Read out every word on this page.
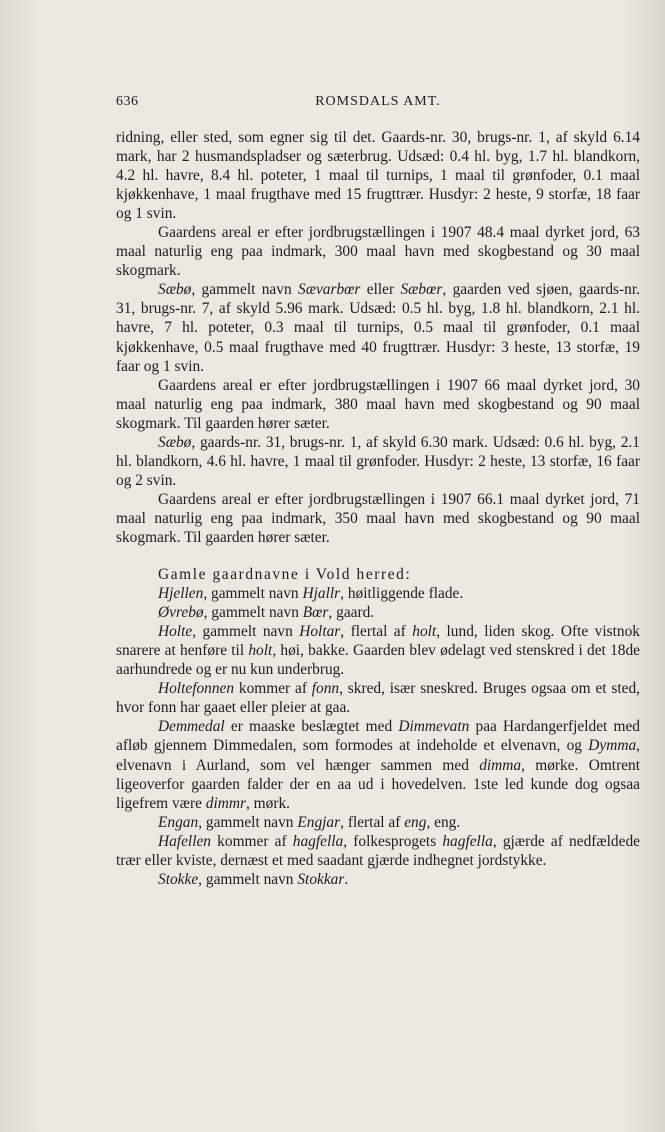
636	ROMSDALS AMT.

ridning, eller sted, som egner sig til det. Gaards-nr. 30, brugs-nr. 1, af skyld 6.14 mark, har 2 husmandspladser og sæterbrug. Udsæd: 0.4 hl. byg, 1.7 hl. blandkorn, 4.2 hl. havre, 8.4 hl. poteter, 1 maal til turnips, 1 maal til grønfoder, 0.1 maal kjøkkenhave, 1 maal frugthave med 15 frugttrær. Husdyr: 2 heste, 9 storfæ, 18 faar og 1 svin.

Gaardens areal er efter jordbrugstællingen i 1907 48.4 maal dyrket jord, 63 maal naturlig eng paa indmark, 300 maal havn med skogbestand og 30 maal skogmark.

Sæbø, gammelt navn Sævarbœr eller Sæbœr, gaarden ved sjøen, gaards-nr. 31, brugs-nr. 7, af skyld 5.96 mark. Udsæd: 0.5 hl. byg, 1.8 hl. blandkorn, 2.1 hl. havre, 7 hl. poteter, 0.3 maal til turnips, 0.5 maal til grønfoder, 0.1 maal kjøkkenhave, 0.5 maal frugthave med 40 frugttrær. Husdyr: 3 heste, 13 storfæ, 19 faar og 1 svin.

Gaardens areal er efter jordbrugstællingen i 1907 66 maal dyrket jord, 30 maal naturlig eng paa indmark, 380 maal havn med skogbestand og 90 maal skogmark. Til gaarden hører sæter.

Sæbø, gaards-nr. 31, brugs-nr. 1, af skyld 6.30 mark. Udsæd: 0.6 hl. byg, 2.1 hl. blandkorn, 4.6 hl. havre, 1 maal til grønfoder. Husdyr: 2 heste, 13 storfæ, 16 faar og 2 svin.

Gaardens areal er efter jordbrugstællingen i 1907 66.1 maal dyrket jord, 71 maal naturlig eng paa indmark, 350 maal havn med skogbestand og 90 maal skogmark. Til gaarden hører sæter.

Gamle gaardnavne i Vold herred:

Hjellen, gammelt navn Hjallr, høitliggende flade.

Øvrebø, gammelt navn Bœr, gaard.

Holte, gammelt navn Holtar, flertal af holt, lund, liden skog. Ofte vistnok snarere at henføre til holt, høi, bakke. Gaarden blev ødelagt ved stenskred i det 18de aarhundrede og er nu kun underbrug.

Holtefonnen kommer af fonn, skred, især sneskred. Bruges ogsaa om et sted, hvor fonn har gaaet eller pleier at gaa.

Demmedal er maaske beslægtet med Dimmevatn paa Hardangerfjeldet med afløb gjennem Dimmedalen, som formodes at indeholde et elvenavn, og Dymma, elvenavn i Aurland, som vel hænger sammen med dimma, mørke. Omtrent ligeoverfor gaarden falder der en aa ud i hovedelven. 1ste led kunde dog ogsaa ligefrem være dimmr, mørk.

Engan, gammelt navn Engjar, flertal af eng, eng.

Hafellen kommer af hagfella, folkesprogets hagfella, gjærde af nedfældede trær eller kviste, dernæst et med saadant gjærde indhegnet jordstykke.

Stokke, gammelt navn Stokkar.
